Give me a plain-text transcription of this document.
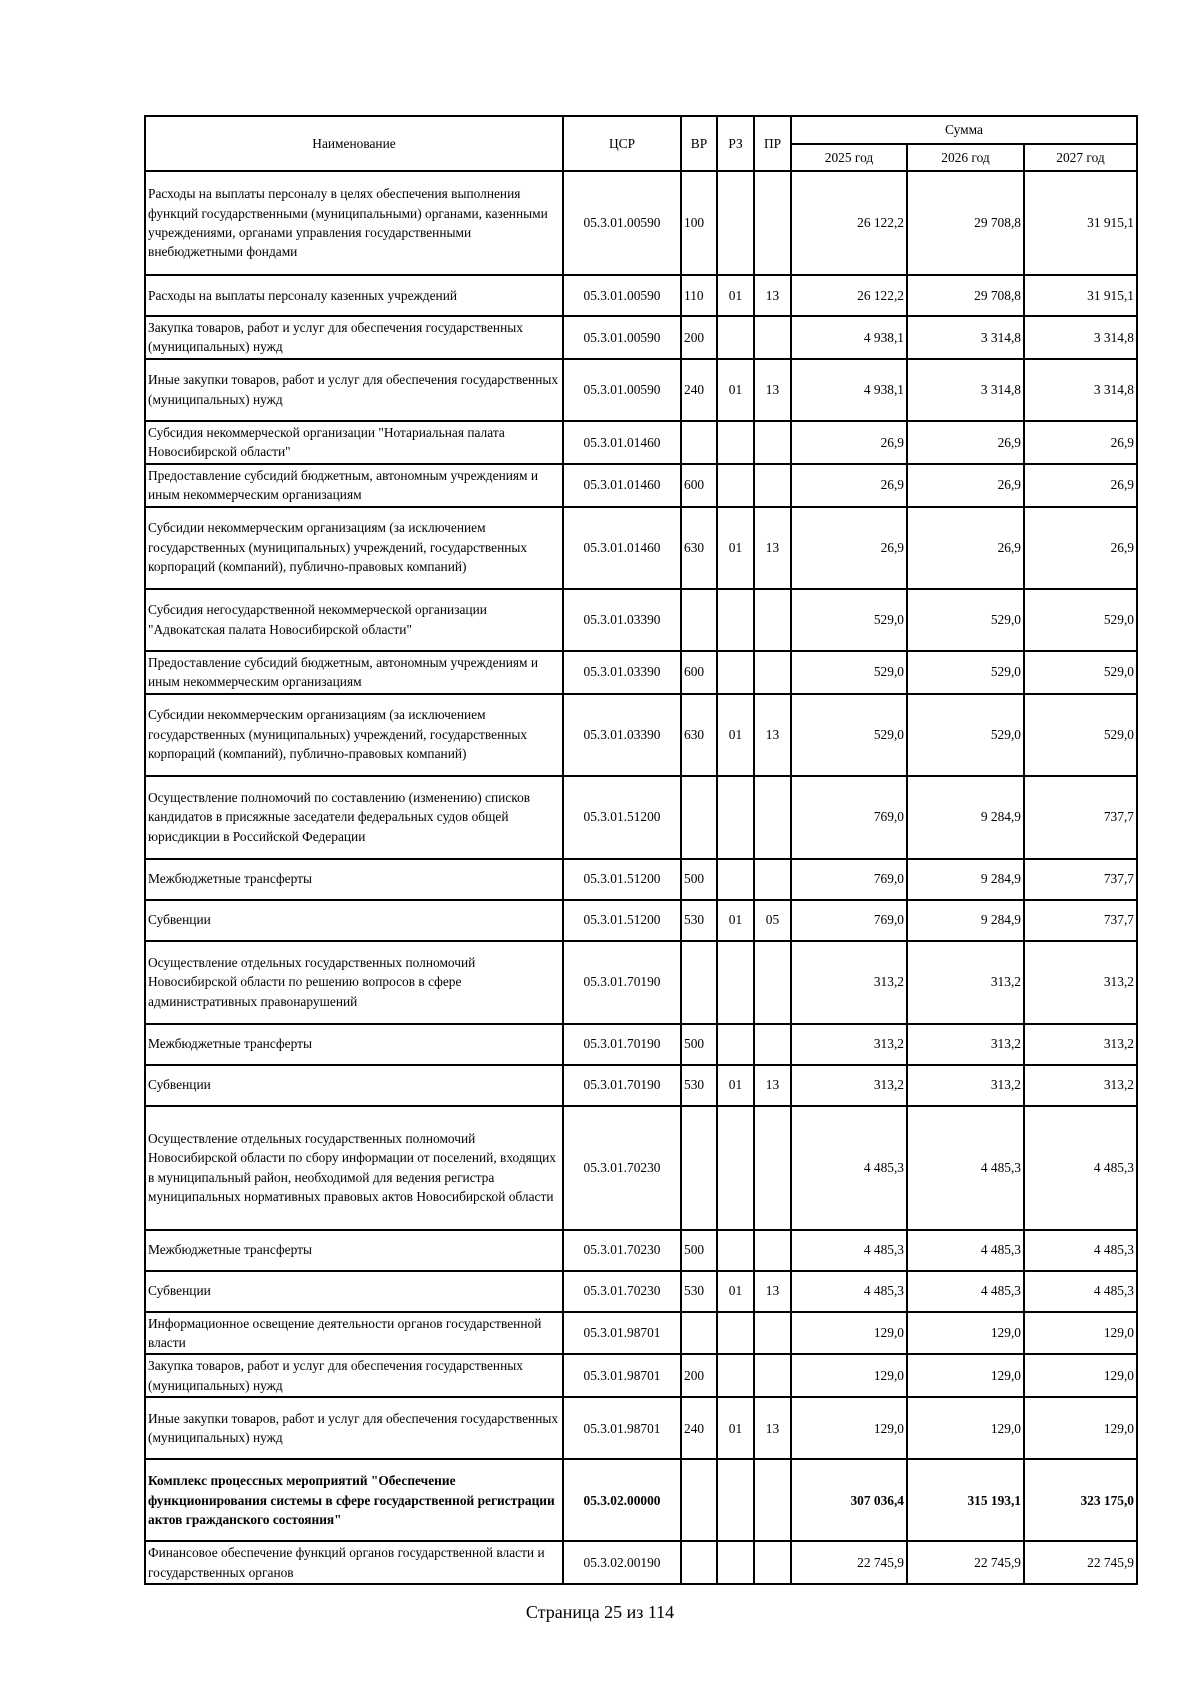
Наименование	ЦСР	ВР	РЗ	ПР	Сумма		
					2025 год	2026 год	2027 год
Расходы на выплаты персоналу в целях обеспечения выполнения функций государственными (муниципальными) органами, казенными учреждениями, органами управления государственными внебюджетными фондами	05.3.01.00590	100			26 122,2	29 708,8	31 915,1
Расходы на выплаты персоналу казенных учреждений	05.3.01.00590	110	01	13	26 122,2	29 708,8	31 915,1
Закупка товаров, работ и услуг для обеспечения государственных (муниципальных) нужд	05.3.01.00590	200			4 938,1	3 314,8	3 314,8
Иные закупки товаров, работ и услуг для обеспечения государственных (муниципальных) нужд	05.3.01.00590	240	01	13	4 938,1	3 314,8	3 314,8
Субсидия некоммерческой организации "Нотариальная палата Новосибирской области"	05.3.01.01460				26,9	26,9	26,9
Предоставление субсидий бюджетным, автономным учреждениям и иным некоммерческим организациям	05.3.01.01460	600			26,9	26,9	26,9
Субсидии некоммерческим организациям (за исключением государственных (муниципальных) учреждений, государственных корпораций (компаний), публично-правовых компаний)	05.3.01.01460	630	01	13	26,9	26,9	26,9
Субсидия негосударственной некоммерческой организации "Адвокатская палата Новосибирской области"	05.3.01.03390				529,0	529,0	529,0
Предоставление субсидий бюджетным, автономным учреждениям и иным некоммерческим организациям	05.3.01.03390	600			529,0	529,0	529,0
Субсидии некоммерческим организациям (за исключением государственных (муниципальных) учреждений, государственных корпораций (компаний), публично-правовых компаний)	05.3.01.03390	630	01	13	529,0	529,0	529,0
Осуществление полномочий по составлению (изменению) списков кандидатов в присяжные заседатели федеральных судов общей юрисдикции в Российской Федерации	05.3.01.51200				769,0	9 284,9	737,7
Межбюджетные трансферты	05.3.01.51200	500			769,0	9 284,9	737,7
Субвенции	05.3.01.51200	530	01	05	769,0	9 284,9	737,7
Осуществление отдельных государственных полномочий Новосибирской области по решению вопросов в сфере административных правонарушений	05.3.01.70190				313,2	313,2	313,2
Межбюджетные трансферты	05.3.01.70190	500			313,2	313,2	313,2
Субвенции	05.3.01.70190	530	01	13	313,2	313,2	313,2
Осуществление отдельных государственных полномочий Новосибирской области по сбору информации от поселений, входящих в муниципальный район, необходимой для ведения регистра муниципальных нормативных правовых актов Новосибирской области	05.3.01.70230				4 485,3	4 485,3	4 485,3
Межбюджетные трансферты	05.3.01.70230	500			4 485,3	4 485,3	4 485,3
Субвенции	05.3.01.70230	530	01	13	4 485,3	4 485,3	4 485,3
Информационное освещение деятельности органов государственной власти	05.3.01.98701				129,0	129,0	129,0
Закупка товаров, работ и услуг для обеспечения государственных (муниципальных) нужд	05.3.01.98701	200			129,0	129,0	129,0
Иные закупки товаров, работ и услуг для обеспечения государственных (муниципальных) нужд	05.3.01.98701	240	01	13	129,0	129,0	129,0
Комплекс процессных мероприятий "Обеспечение функционирования системы в сфере государственной регистрации актов гражданского состояния"	05.3.02.00000				307 036,4	315 193,1	323 175,0
Финансовое обеспечение функций органов государственной власти и государственных органов	05.3.02.00190				22 745,9	22 745,9	22 745,9
Страница 25 из 114
